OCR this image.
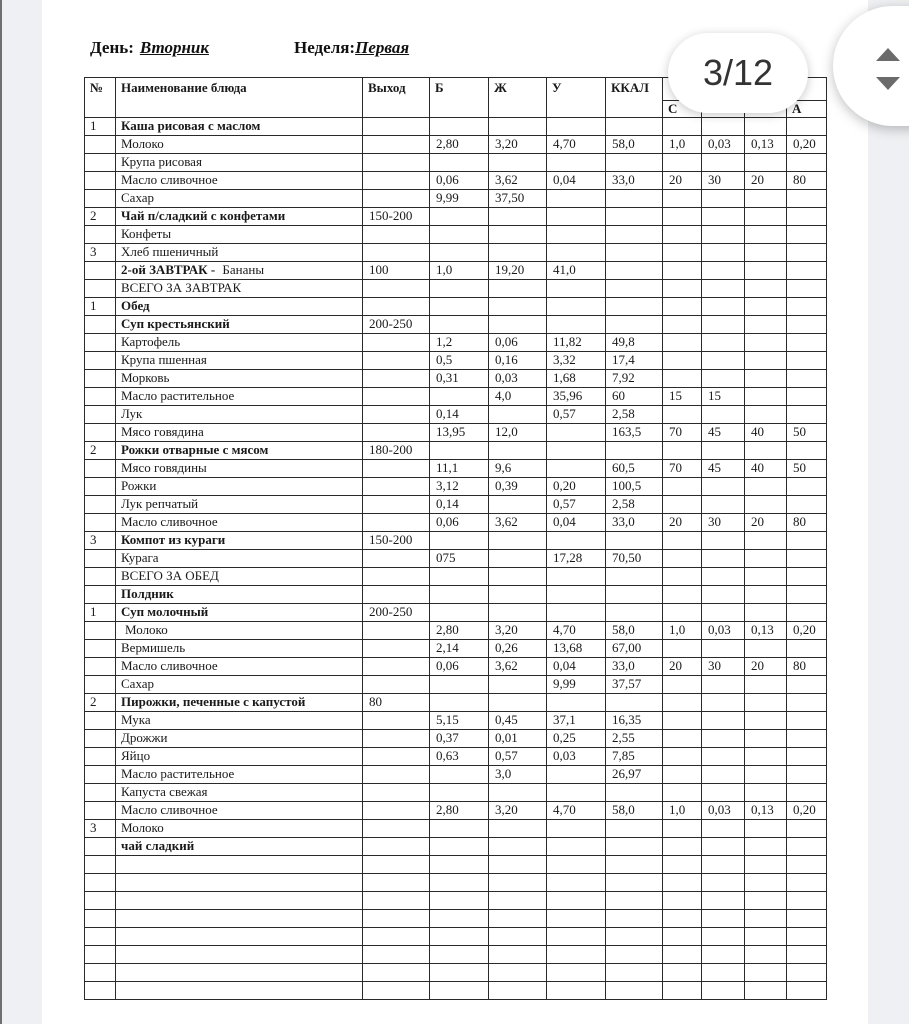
День: Вторник	Неделя:Первая
№	Наименование блюда	Выход	Б	Ж	У	ККАЛ				
							С			А
1	Каша рисовая с маслом									
	Молоко		2,80	3,20	4,70	58,0	1,0	0,03	0,13	0,20
	Крупа рисовая									
	Масло сливочное		0,06	3,62	0,04	33,0	20	30	20	80
	Сахар		9,99	37,50						
2	Чай п/сладкий с конфетами	150-200								
	Конфеты									
3	Хлеб пшеничный									
	2-ой ЗАВТРАК - Бананы	100	1,0	19,20	41,0					
	ВСЕГО ЗА ЗАВТРАК									
1	Обед									
	Суп крестьянский	200-250								
	Картофель		1,2	0,06	11,82	49,8				
	Крупа пшенная		0,5	0,16	3,32	17,4				
	Морковь		0,31	0,03	1,68	7,92				
	Масло растительное			4,0	35,96	60	15	15		
	Лук		0,14		0,57	2,58				
	Мясо говядина		13,95	12,0		163,5	70	45	40	50
2	Рожки отварные с мясом	180-200								
	Мясо говядины		11,1	9,6		60,5	70	45	40	50
	Рожки		3,12	0,39	0,20	100,5				
	Лук репчатый		0,14		0,57	2,58				
	Масло сливочное		0,06	3,62	0,04	33,0	20	30	20	80
3	Компот из кураги	150-200								
	Курага		075		17,28	70,50				
	ВСЕГО ЗА ОБЕД									
	Полдник									
1	Суп молочный	200-250								
	Молоко		2,80	3,20	4,70	58,0	1,0	0,03	0,13	0,20
	Вермишель		2,14	0,26	13,68	67,00				
	Масло сливочное		0,06	3,62	0,04	33,0	20	30	20	80
	Сахар				9,99	37,57				
2	Пирожки, печенные с капустой	80								
	Мука		5,15	0,45	37,1	16,35				
	Дрожжи		0,37	0,01	0,25	2,55				
	Яйцо		0,63	0,57	0,03	7,85				
	Масло растительное			3,0		26,97				
	Капуста свежая									
	Масло сливочное		2,80	3,20	4,70	58,0	1,0	0,03	0,13	0,20
3	Молоко									
	чай сладкий									

3/12
